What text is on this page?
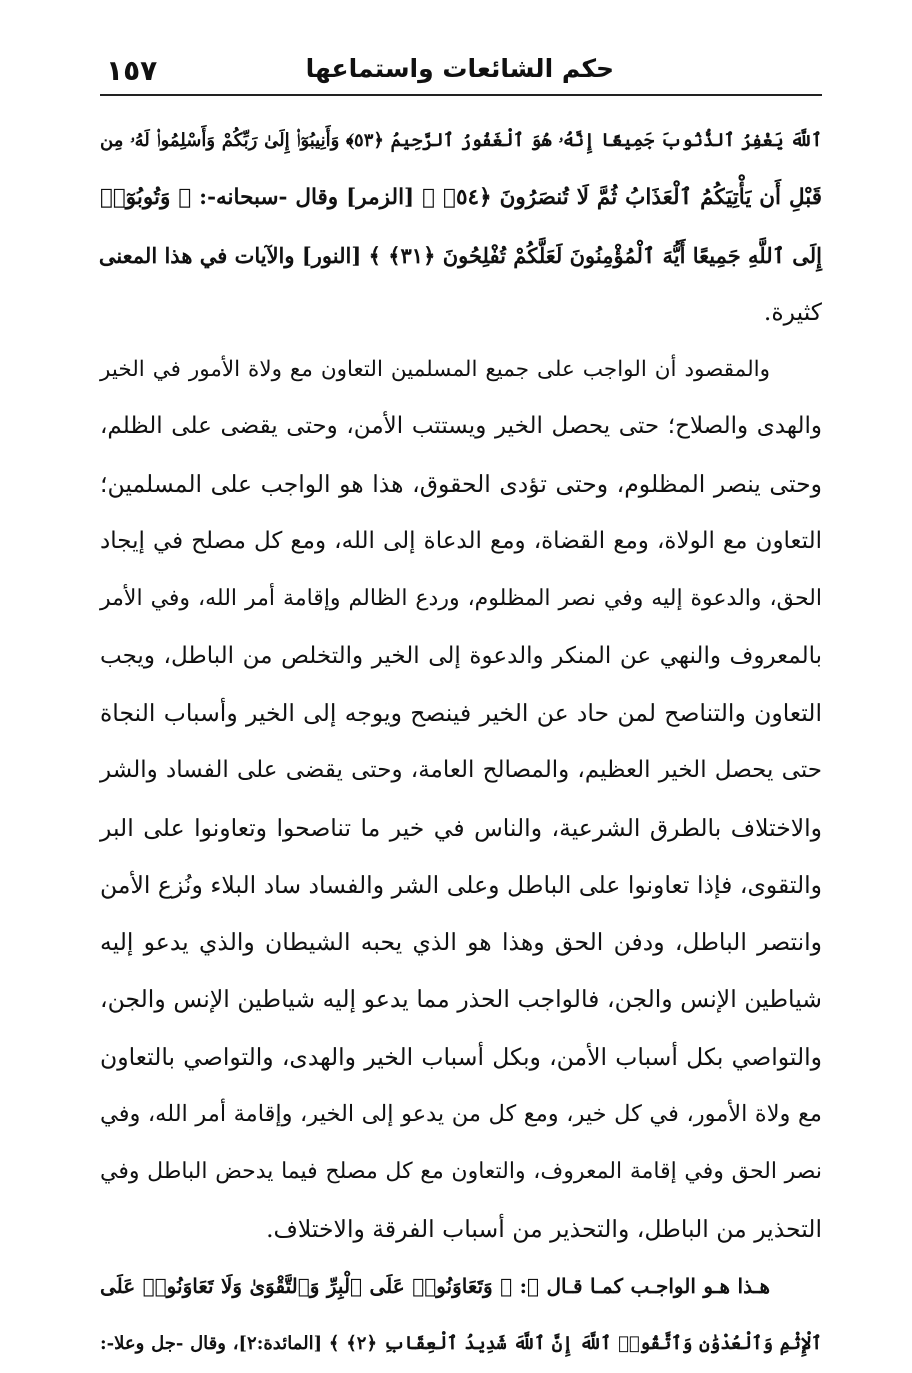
١٥٧	حكم الشائعات واستماعها
ٱللَّهَ يَغْفِرُ ٱلذُّنُوبَ جَمِيعًا إِنَّهُۥ هُوَ ٱلْغَفُورُ ٱلرَّحِيمُ ﴿٥٣﴾ وَأَنِيبُوٓا۟ إِلَىٰ رَبِّكُمْ وَأَسْلِمُوا۟ لَهُۥ مِن
قَبْلِ أَن يَأْتِيَكُمُ ٱلْعَذَابُ ثُمَّ لَا تُنصَرُونَ ﴿٥٤﴾ ﴾ [الزمر] وقال -سبحانه-: ﴿ وَتُوبُوٓا۟
إِلَى ٱللَّهِ جَمِيعًا أَيُّهَ ٱلْمُؤْمِنُونَ لَعَلَّكُمْ تُفْلِحُونَ ﴿٣١﴾ ﴾ [النور] والآيات في هذا المعنى
كثيرة.
والمقصود أن الواجب على جميع المسلمين التعاون مع ولاة الأمور في الخير
والهدى والصلاح؛ حتى يحصل الخير ويستتب الأمن، وحتى يقضى على الظلم،
وحتى ينصر المظلوم، وحتى تؤدى الحقوق، هذا هو الواجب على المسلمين؛
التعاون مع الولاة، ومع القضاة، ومع الدعاة إلى الله، ومع كل مصلح في إيجاد
الحق، والدعوة إليه وفي نصر المظلوم، وردع الظالم وإقامة أمر الله، وفي الأمر
بالمعروف والنهي عن المنكر والدعوة إلى الخير والتخلص من الباطل، ويجب
التعاون والتناصح لمن حاد عن الخير فينصح ويوجه إلى الخير وأسباب النجاة
حتى يحصل الخير العظيم، والمصالح العامة، وحتى يقضى على الفساد والشر
والاختلاف بالطرق الشرعية، والناس في خير ما تناصحوا وتعاونوا على البر
والتقوى، فإذا تعاونوا على الباطل وعلى الشر والفساد ساد البلاء ونُزع الأمن
وانتصر الباطل، ودفن الحق وهذا هو الذي يحبه الشيطان والذي يدعو إليه
شياطين الإنس والجن، فالواجب الحذر مما يدعو إليه شياطين الإنس والجن،
والتواصي بكل أسباب الأمن، وبكل أسباب الخير والهدى، والتواصي بالتعاون
مع ولاة الأمور، في كل خير، ومع كل من يدعو إلى الخير، وإقامة أمر الله، وفي
نصر الحق وفي إقامة المعروف، والتعاون مع كل مصلح فيما يدحض الباطل وفي
التحذير من الباطل، والتحذير من أسباب الفرقة والاختلاف.
هـذا هـو الواجـب كمـا قـال ﷻ: ﴿ وَتَعَاوَنُوا۟ عَلَى ٱلْبِرِّ وَٱلتَّقْوَىٰ وَلَا تَعَاوَنُوا۟ عَلَى
ٱلْإِثْمِ وَٱلْعُدْوَٰنِ وَٱتَّقُوا۟ ٱللَّهَ إِنَّ ٱللَّهَ شَدِيدُ ٱلْعِقَابِ ﴿٢﴾ ﴾ [المائدة:٢]، وقال -جل وعلا-:
